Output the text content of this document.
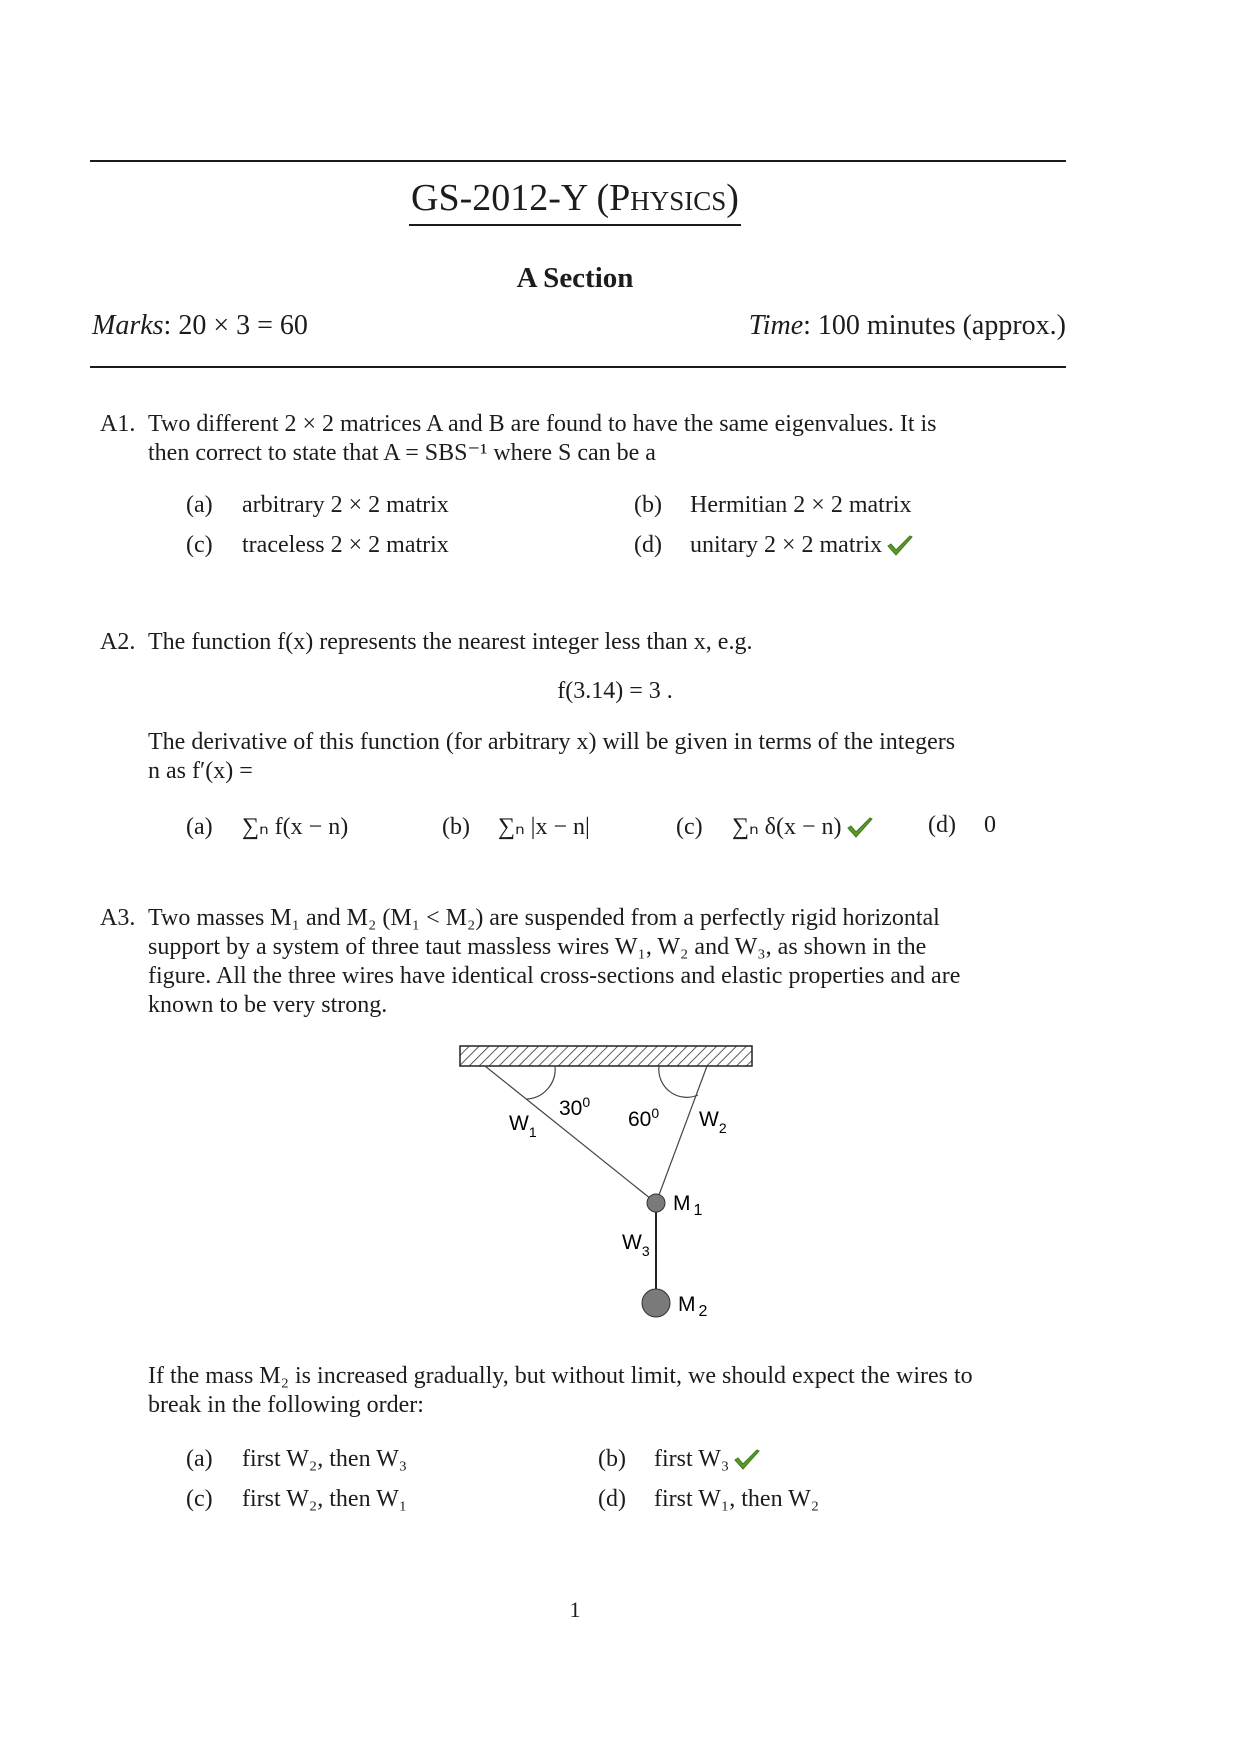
GS-2012-Y (Physics)
A Section
Marks: 20 × 3 = 60	Time: 100 minutes (approx.)
A1. Two different 2 × 2 matrices A and B are found to have the same eigenvalues. It is
then correct to state that A = SBS⁻¹ where S can be a
(a) arbitrary 2 × 2 matrix	(b) Hermitian 2 × 2 matrix
(c) traceless 2 × 2 matrix	(d) unitary 2 × 2 matrix
A2. The function f(x) represents the nearest integer less than x, e.g.
f(3.14) = 3 .
The derivative of this function (for arbitrary x) will be given in terms of the integers
n as f′(x) =
(a) ∑ₙ f(x − n)	(b) ∑ₙ |x − n|	(c) ∑ₙ δ(x − n)	(d) 0
A3. Two masses M₁ and M₂ (M₁ < M₂) are suspended from a perfectly rigid horizontal
support by a system of three taut massless wires W₁, W₂ and W₃, as shown in the
figure. All the three wires have identical cross-sections and elastic properties and are
known to be very strong.
$30^0$
$60^0$
$W_1$
$W_2$
$W_3$
M $_1$
M $_2$
If the mass M₂ is increased gradually, but without limit, we should expect the wires to
break in the following order:
(a) first W₂, then W₃	(b) first W₃
(c) first W₂, then W₁	(d) first W₁, then W₂
1
